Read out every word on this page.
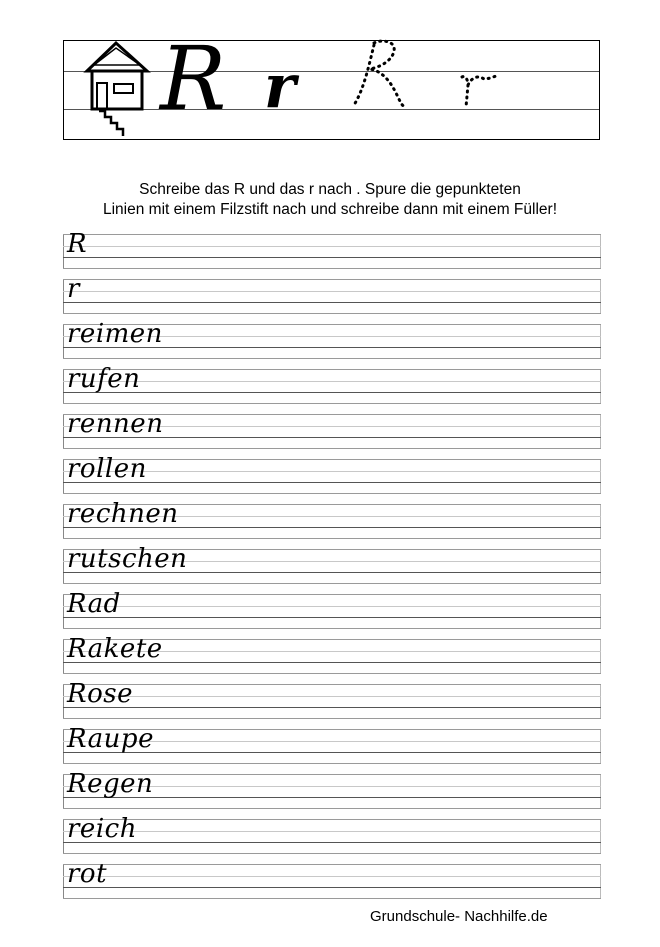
R r
Schreibe das R und das r nach . Spure die gepunkteten
Linien mit einem Filzstift nach und schreibe dann mit einem Füller!
R
r
reimen
rufen
rennen
rollen
rechnen
rutschen
Rad
Rakete
Rose
Raupe
Regen
reich
rot
Grundschule- Nachhilfe.de
